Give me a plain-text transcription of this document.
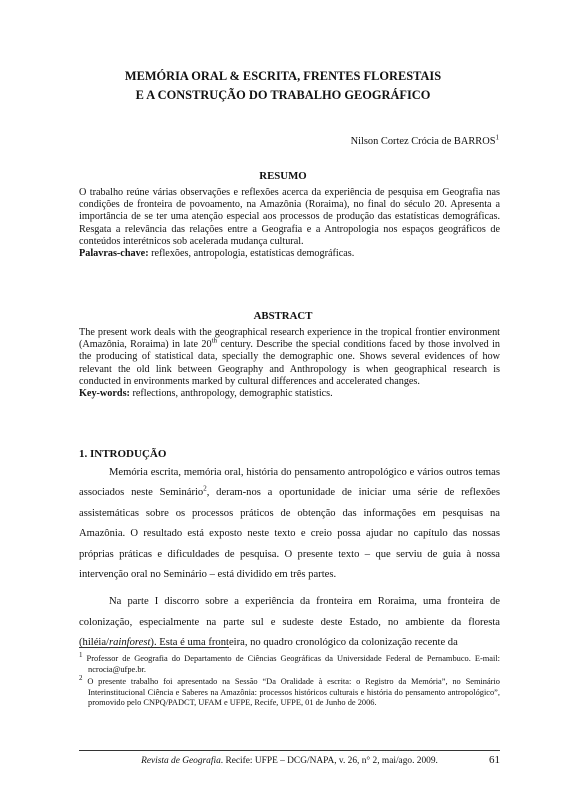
MEMÓRIA ORAL & ESCRITA, FRENTES FLORESTAIS
E A CONSTRUÇÃO DO TRABALHO GEOGRÁFICO
Nilson Cortez Crócia de BARROS$^1$
RESUMO
O trabalho reúne várias observações e reflexões acerca da experiência de pesquisa em Geografia nas condições de fronteira de povoamento, na Amazônia (Roraima), no final do século 20. Apresenta a importância de se ter uma atenção especial aos processos de produção das estatísticas demográficas. Resgata a relevância das relações entre a Geografia e a Antropologia nos espaços geográficos de conteúdos interétnicos sob acelerada mudança cultural.
Palavras-chave: reflexões, antropologia, estatísticas demográficas.
ABSTRACT
The present work deals with the geographical research experience in the tropical frontier environment (Amazônia, Roraima) in late 20th century. Describe the special conditions faced by those involved in the producing of statistical data, specially the demographic one. Shows several evidences of how relevant the old link between Geography and Anthropology is when geographical research is conducted in environments marked by cultural differences and accelerated changes.
Key-words: reflections, anthropology, demographic statistics.
1. INTRODUÇÃO

Memória escrita, memória oral, história do pensamento antropológico e vários outros temas associados neste Seminário$^2$, deram-nos a oportunidade de iniciar uma série de reflexões assistemáticas sobre os processos práticos de obtenção das informações em pesquisas na Amazônia. O resultado está exposto neste texto e creio possa ajudar no capítulo das nossas próprias práticas e dificuldades de pesquisa. O presente texto – que serviu de guia à nossa intervenção oral no Seminário – está dividido em três partes.

Na parte I discorro sobre a experiência da fronteira em Roraima, uma fronteira de colonização, especialmente na parte sul e sudeste deste Estado, no ambiente da floresta (hiléia/rainforest). Esta é uma fronteira, no quadro cronológico da colonização recente da

$^1$ Professor de Geografia do Departamento de Ciências Geográficas da Universidade Federal de Pernambuco. E-mail: ncrocia@ufpe.br.

$^2$ O presente trabalho foi apresentado na Sessão “Da Oralidade à escrita: o Registro da Memória”, no Seminário Interinstitucional Ciência e Saberes na Amazônia: processos históricos culturais e história do pensamento antropológico”, promovido pelo CNPQ/PADCT, UFAM e UFPE, Recife, UFPE, 01 de Junho de 2006.

Revista de Geografia. Recife: UFPE – DCG/NAPA, v. 26, n° 2, mai/ago. 2009.	61
